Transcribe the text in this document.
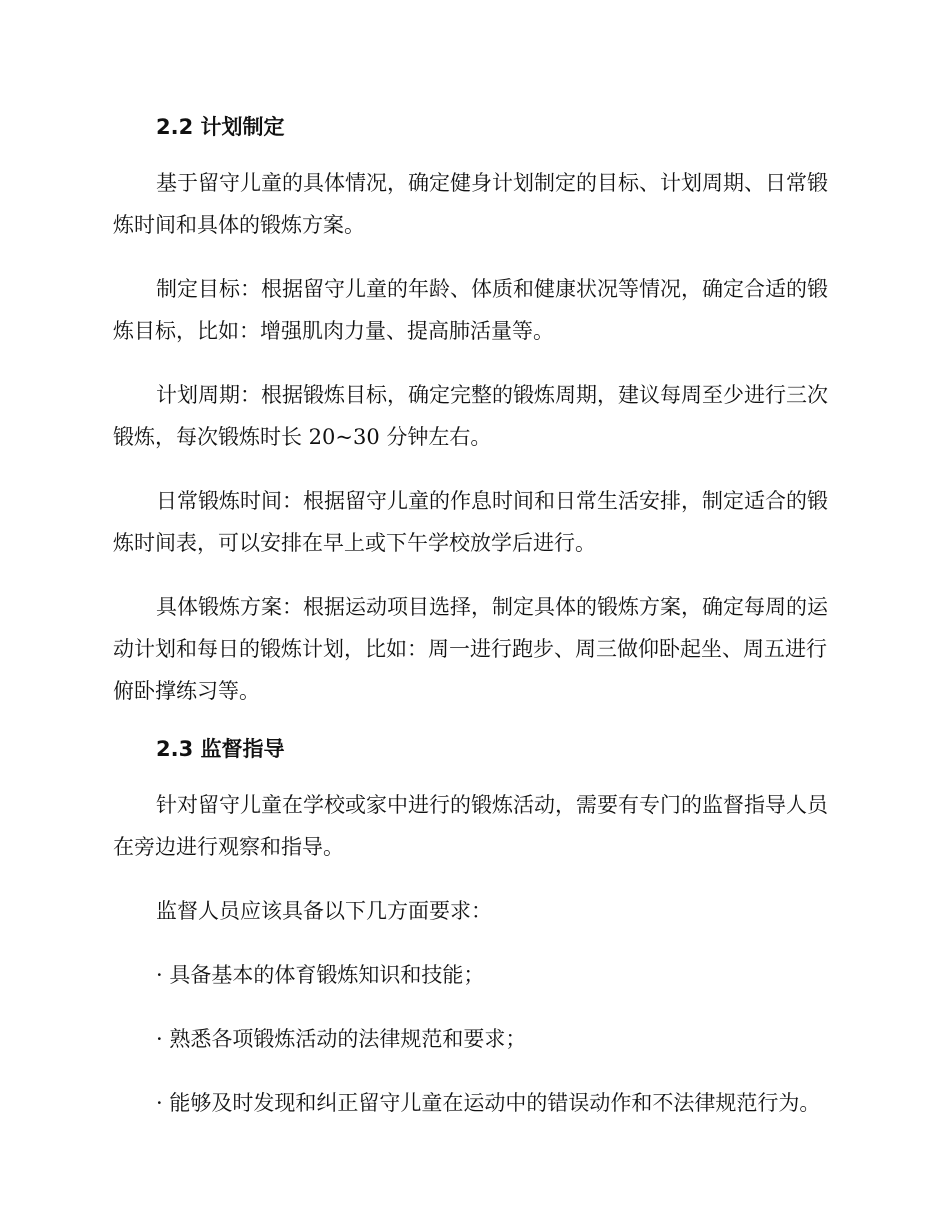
2.2 计划制定

基于留守儿童的具体情况，确定健身计划制定的目标、计划周期、日常锻炼时间和具体的锻炼方案。

制定目标：根据留守儿童的年龄、体质和健康状况等情况，确定合适的锻炼目标，比如：增强肌肉力量、提高肺活量等。

计划周期：根据锻炼目标，确定完整的锻炼周期，建议每周至少进行三次锻炼，每次锻炼时长 20~30 分钟左右。

日常锻炼时间：根据留守儿童的作息时间和日常生活安排，制定适合的锻炼时间表，可以安排在早上或下午学校放学后进行。

具体锻炼方案：根据运动项目选择，制定具体的锻炼方案，确定每周的运动计划和每日的锻炼计划，比如：周一进行跑步、周三做仰卧起坐、周五进行俯卧撑练习等。

2.3 监督指导

针对留守儿童在学校或家中进行的锻炼活动，需要有专门的监督指导人员在旁边进行观察和指导。

监督人员应该具备以下几方面要求：

· 具备基本的体育锻炼知识和技能；

· 熟悉各项锻炼活动的法律规范和要求；

· 能够及时发现和纠正留守儿童在运动中的错误动作和不法律规范行为。
